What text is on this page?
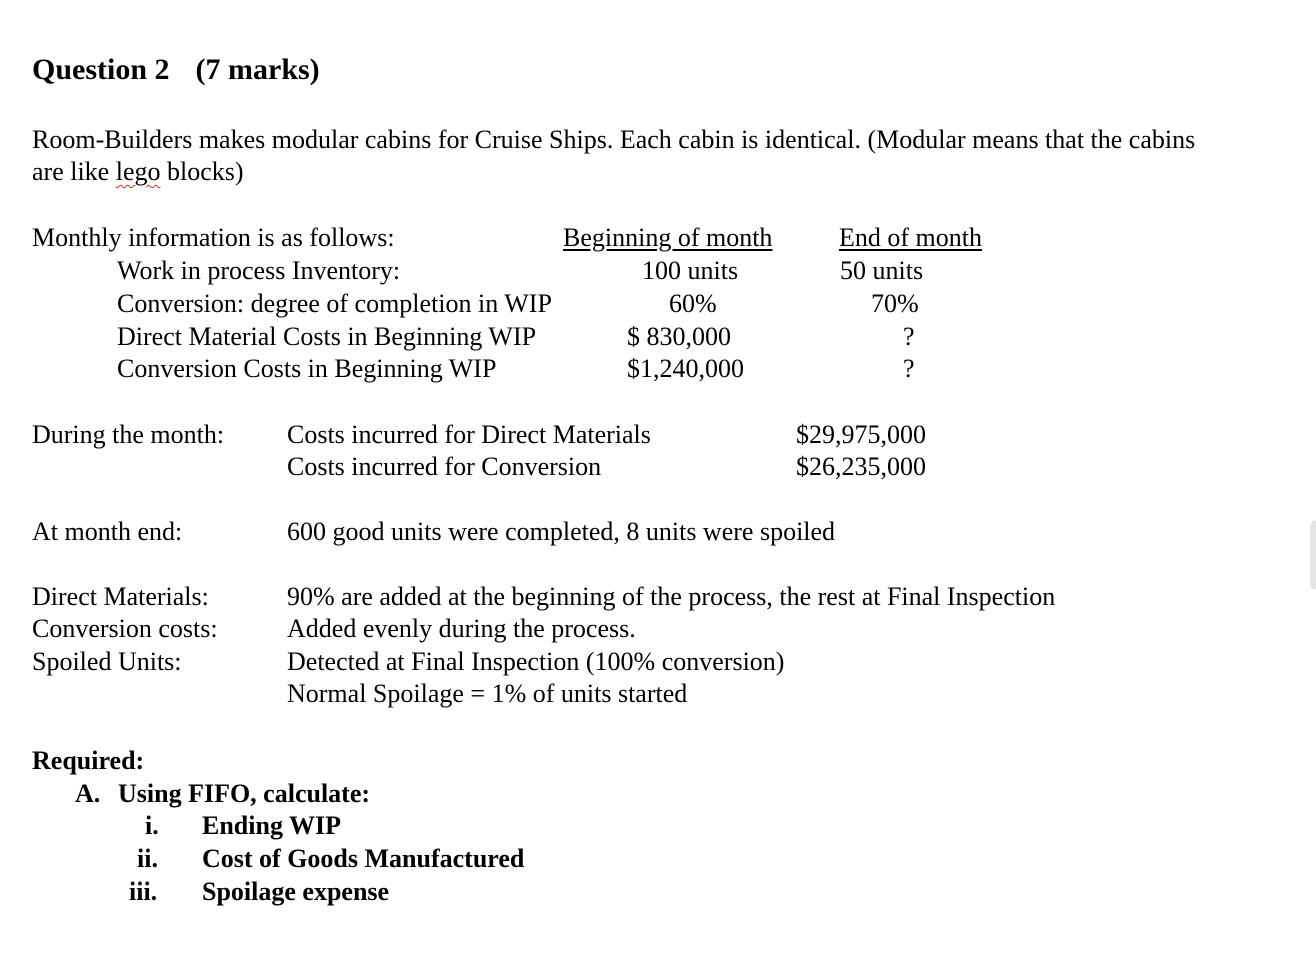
Question 2 (7 marks)
Room-Builders makes modular cabins for Cruise Ships. Each cabin is identical. (Modular means that the cabins
are like lego blocks)
Monthly information is as follows:	Beginning of month	End of month
Work in process Inventory:	100 units	50 units
Conversion: degree of completion in WIP	60%	70%
Direct Material Costs in Beginning WIP	$ 830,000	?
Conversion Costs in Beginning WIP	$1,240,000	?
During the month: Costs incurred for Direct Materials	$29,975,000
Costs incurred for Conversion	$26,235,000
At month end:	600 good units were completed, 8 units were spoiled
Direct Materials:	90% are added at the beginning of the process, the rest at Final Inspection
Conversion costs:	Added evenly during the process.
Spoiled Units:	Detected at Final Inspection (100% conversion)
Normal Spoilage = 1% of units started
Required:
A. Using FIFO, calculate:
i. Ending WIP
ii. Cost of Goods Manufactured
iii. Spoilage expense
